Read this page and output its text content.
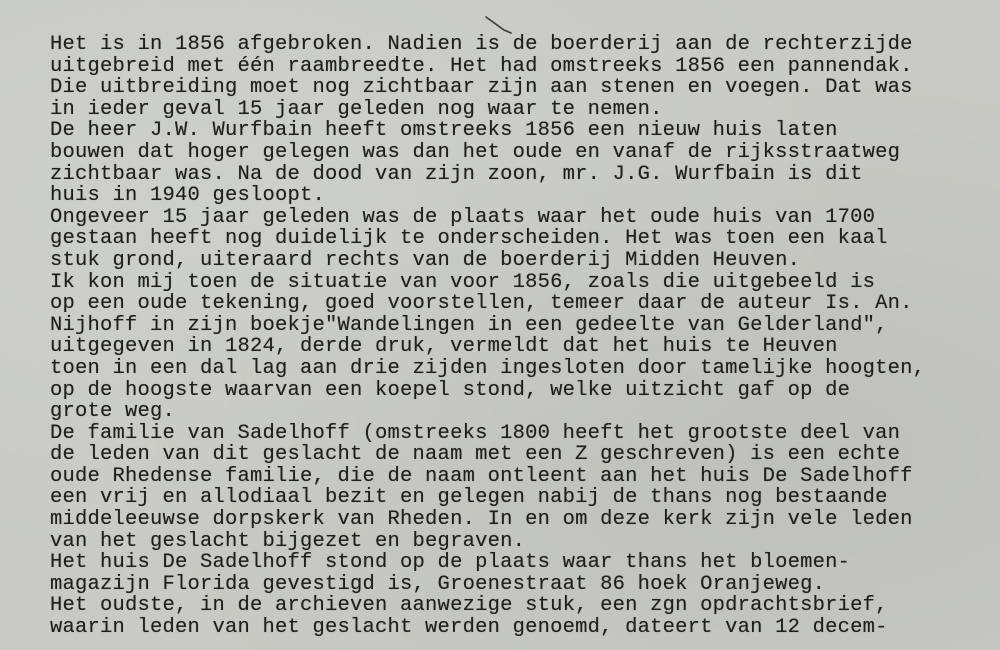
Het is in 1856 afgebroken. Nadien is de boerderij aan de rechterzijde
uitgebreid met één raambreedte. Het had omstreeks 1856 een pannendak.
Die uitbreiding moet nog zichtbaar zijn aan stenen en voegen. Dat was
in ieder geval 15 jaar geleden nog waar te nemen.
De heer J.W. Wurfbain heeft omstreeks 1856 een nieuw huis laten
bouwen dat hoger gelegen was dan het oude en vanaf de rijksstraatweg
zichtbaar was. Na de dood van zijn zoon, mr. J.G. Wurfbain is dit
huis in 1940 gesloopt.
Ongeveer 15 jaar geleden was de plaats waar het oude huis van 1700
gestaan heeft nog duidelijk te onderscheiden. Het was toen een kaal
stuk grond, uiteraard rechts van de boerderij Midden Heuven.
Ik kon mij toen de situatie van voor 1856, zoals die uitgebeeld is
op een oude tekening, goed voorstellen, temeer daar de auteur Is. An.
Nijhoff in zijn boekje"Wandelingen in een gedeelte van Gelderland",
uitgegeven in 1824, derde druk, vermeldt dat het huis te Heuven
toen in een dal lag aan drie zijden ingesloten door tamelijke hoogten,
op de hoogste waarvan een koepel stond, welke uitzicht gaf op de
grote weg.
De familie van Sadelhoff (omstreeks 1800 heeft het grootste deel van
de leden van dit geslacht de naam met een Z geschreven) is een echte
oude Rhedense familie, die de naam ontleent aan het huis De Sadelhoff
een vrij en allodiaal bezit en gelegen nabij de thans nog bestaande
middeleeuwse dorpskerk van Rheden. In en om deze kerk zijn vele leden
van het geslacht bijgezet en begraven.
Het huis De Sadelhoff stond op de plaats waar thans het bloemen-
magazijn Florida gevestigd is, Groenestraat 86 hoek Oranjeweg.
Het oudste, in de archieven aanwezige stuk, een zgn opdrachtsbrief,
waarin leden van het geslacht werden genoemd, dateert van 12 decem-
